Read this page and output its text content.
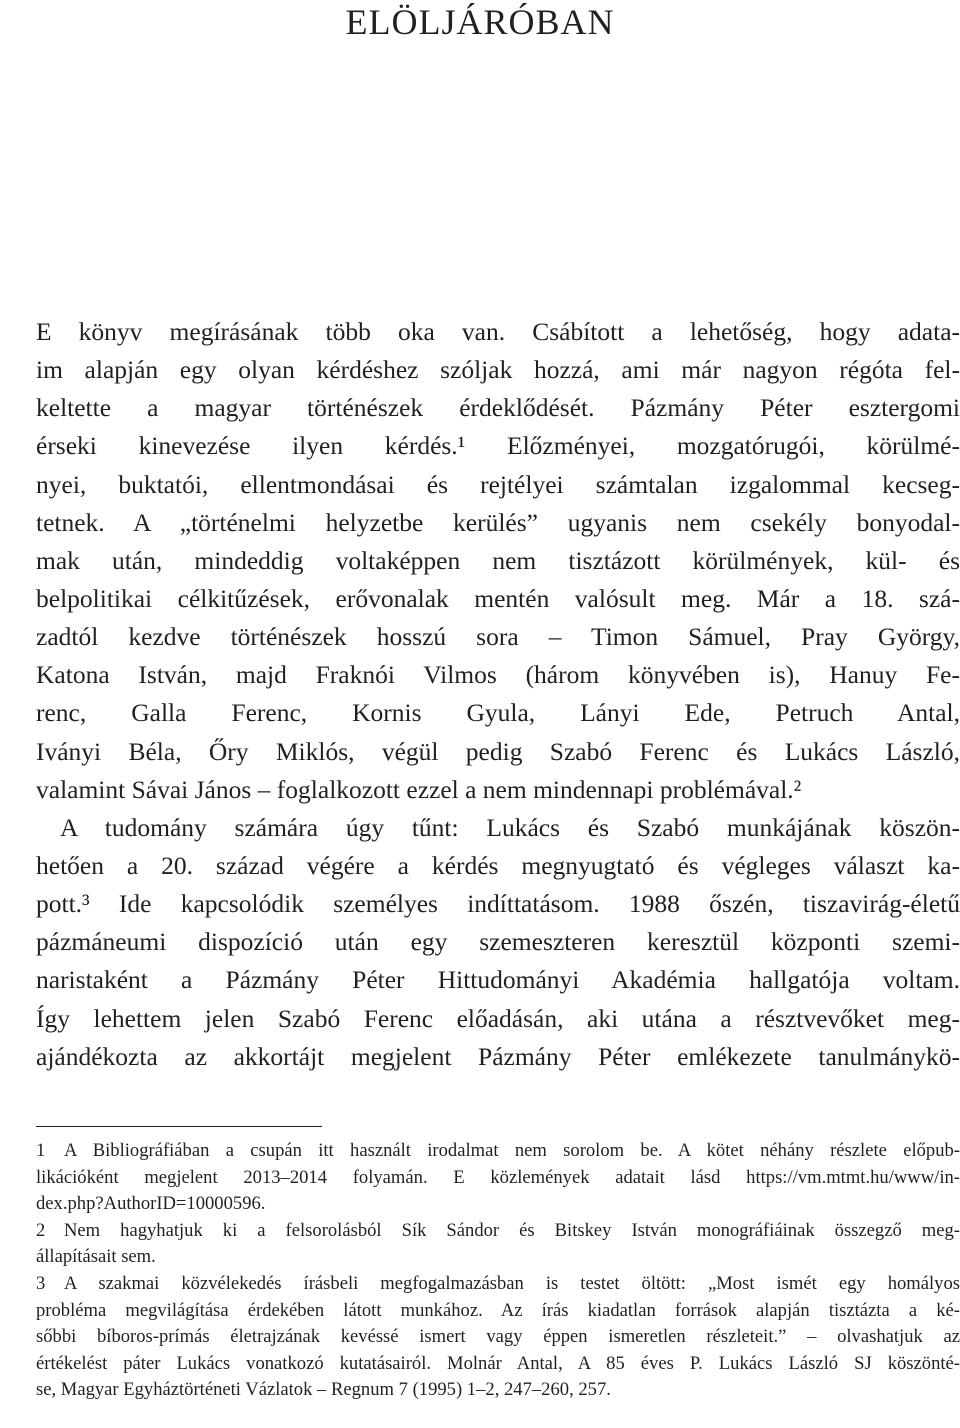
ELÖLJÁRÓBAN
E könyv megírásának több oka van. Csábított a lehetőség, hogy adata-
im alapján egy olyan kérdéshez szóljak hozzá, ami már nagyon régóta fel-
keltette a magyar történészek érdeklődését. Pázmány Péter esztergomi
érseki kinevezése ilyen kérdés.¹ Előzményei, mozgatórugói, körülmé-
nyei, buktatói, ellentmondásai és rejtélyei számtalan izgalommal kecseg-
tetnek. A „történelmi helyzetbe kerülés” ugyanis nem csekély bonyodal-
mak után, mindeddig voltaképpen nem tisztázott körülmények, kül- és
belpolitikai célkitűzések, erővonalak mentén valósult meg. Már a 18. szá-
zadtól kezdve történészek hosszú sora – Timon Sámuel, Pray György,
Katona István, majd Fraknói Vilmos (három könyvében is), Hanuy Fe-
renc, Galla Ferenc, Kornis Gyula, Lányi Ede, Petruch Antal,
Iványi Béla, Őry Miklós, végül pedig Szabó Ferenc és Lukács László,
valamint Sávai János – foglalkozott ezzel a nem mindennapi problémával.²
A tudomány számára úgy tűnt: Lukács és Szabó munkájának köszön-
hetően a 20. század végére a kérdés megnyugtató és végleges választ ka-
pott.³ Ide kapcsolódik személyes indíttatásom. 1988 őszén, tiszavirág-életű
pázmáneumi dispozíció után egy szemeszteren keresztül központi szemi-
naristaként a Pázmány Péter Hittudományi Akadémia hallgatója voltam.
Így lehettem jelen Szabó Ferenc előadásán, aki utána a résztvevőket meg-
ajándékozta az akkortájt megjelent Pázmány Péter emlékezete tanulmánykö-
1 A Bibliográfiában a csupán itt használt irodalmat nem sorolom be. A kötet néhány részlete előpub-
likációként megjelent 2013–2014 folyamán. E közlemények adatait lásd https://vm.mtmt.hu/www/in-
dex.php?AuthorID=10000596.
2 Nem hagyhatjuk ki a felsorolásból Sík Sándor és Bitskey István monográfiáinak összegző meg-
állapításait sem.
3 A szakmai közvélekedés írásbeli megfogalmazásban is testet öltött: „Most ismét egy homályos
probléma megvilágítása érdekében látott munkához. Az írás kiadatlan források alapján tisztázta a ké-
sőbbi bíboros-prímás életrajzának kevéssé ismert vagy éppen ismeretlen részleteit.” – olvashatjuk az
értékelést páter Lukács vonatkozó kutatásairól. Molnár Antal, A 85 éves P. Lukács László SJ köszönté-
se, Magyar Egyháztörténeti Vázlatok – Regnum 7 (1995) 1–2, 247–260, 257.
